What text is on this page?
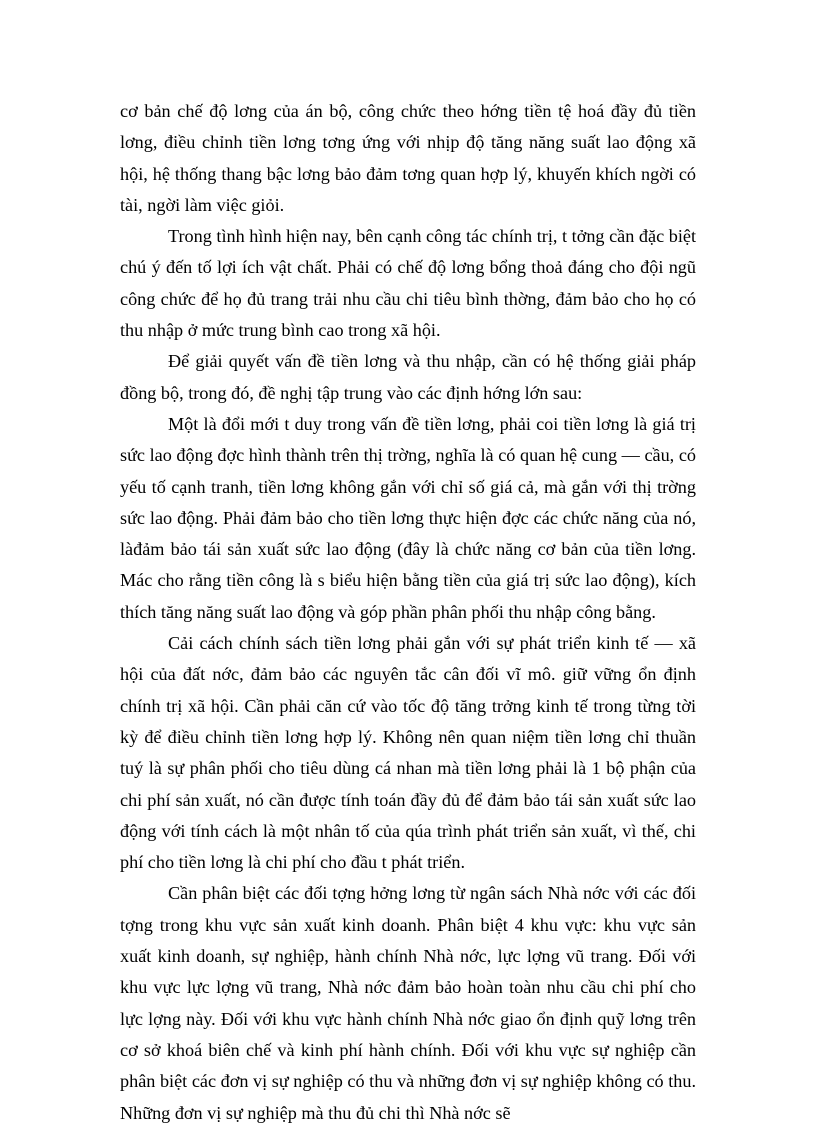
cơ bản chế độ lơng của án bộ, công chức theo hớng tiền tệ hoá đầy đủ tiền lơng, điều chỉnh tiền lơng tơng ứng với nhịp độ tăng năng suất lao động xã hội, hệ thống thang bậc lơng bảo đảm tơng quan hợp lý, khuyến khích ngời có tài, ngời làm việc giỏi.

Trong tình hình hiện nay, bên cạnh công tác chính trị, t tởng cần đặc biệt chú ý đến tố lợi ích vật chất. Phải có chế độ lơng bổng thoả đáng cho đội ngũ công chức để họ đủ trang trải nhu cầu chi tiêu bình thờng, đảm bảo cho họ có thu nhập ở mức trung bình cao trong xã hội.

Để giải quyết vấn đề tiền lơng và thu nhập, cần có hệ thống giải pháp đồng bộ, trong đó, đề nghị tập trung vào các định hớng lớn sau:

Một là đổi mới t duy trong vấn đề tiền lơng, phải coi tiền lơng là giá trị sức lao động đợc hình thành trên thị trờng, nghĩa là có quan hệ cung — cầu, có yếu tố cạnh tranh, tiền lơng không gắn với chỉ số giá cả, mà gắn với thị trờng sức lao động. Phải đảm bảo cho tiền lơng thực hiện đợc các chức năng của nó, làđảm bảo tái sản xuất sức lao động (đây là chức năng cơ bản của tiền lơng. Mác cho rằng tiền công là s biểu hiện bằng tiền của giá trị sức lao động), kích thích tăng năng suất lao động và góp phần phân phối thu nhập công bằng.

Cải cách chính sách tiền lơng phải gắn với sự phát triển kinh tế — xã hội của đất nớc, đảm bảo các nguyên tắc cân đối vĩ mô. giữ vững ổn định chính trị xã hội. Cần phải căn cứ vào tốc độ tăng trởng kinh tế trong từng tời kỳ để điều chỉnh tiền lơng hợp lý. Không nên quan niệm tiền lơng chỉ thuần tuý là sự phân phối cho tiêu dùng cá nhan mà tiền lơng phải là 1 bộ phận của chi phí sản xuất, nó cần được tính toán đầy đủ để đảm bảo tái sản xuất sức lao động với tính cách là một nhân tố của qúa trình phát triển sản xuất, vì thế, chi phí cho tiền lơng là chi phí cho đầu t phát triển.

Cần phân biệt các đối tợng hởng lơng từ ngân sách Nhà nớc với các đối tợng trong khu vực sản xuất kinh doanh. Phân biệt 4 khu vực: khu vực sản xuất kinh doanh, sự nghiệp, hành chính Nhà nớc, lực lợng vũ trang. Đối với khu vực lực lợng vũ trang, Nhà nớc đảm bảo hoàn toàn nhu cầu chi phí cho lực lợng này. Đối với khu vực hành chính Nhà nớc giao ổn định quỹ lơng trên cơ sở khoá biên chế và kinh phí hành chính. Đối với khu vực sự nghiệp cần phân biệt các đơn vị sự nghiệp có thu và những đơn vị sự nghiệp không có thu. Những đơn vị sự nghiệp mà thu đủ chi thì Nhà nớc sẽ
